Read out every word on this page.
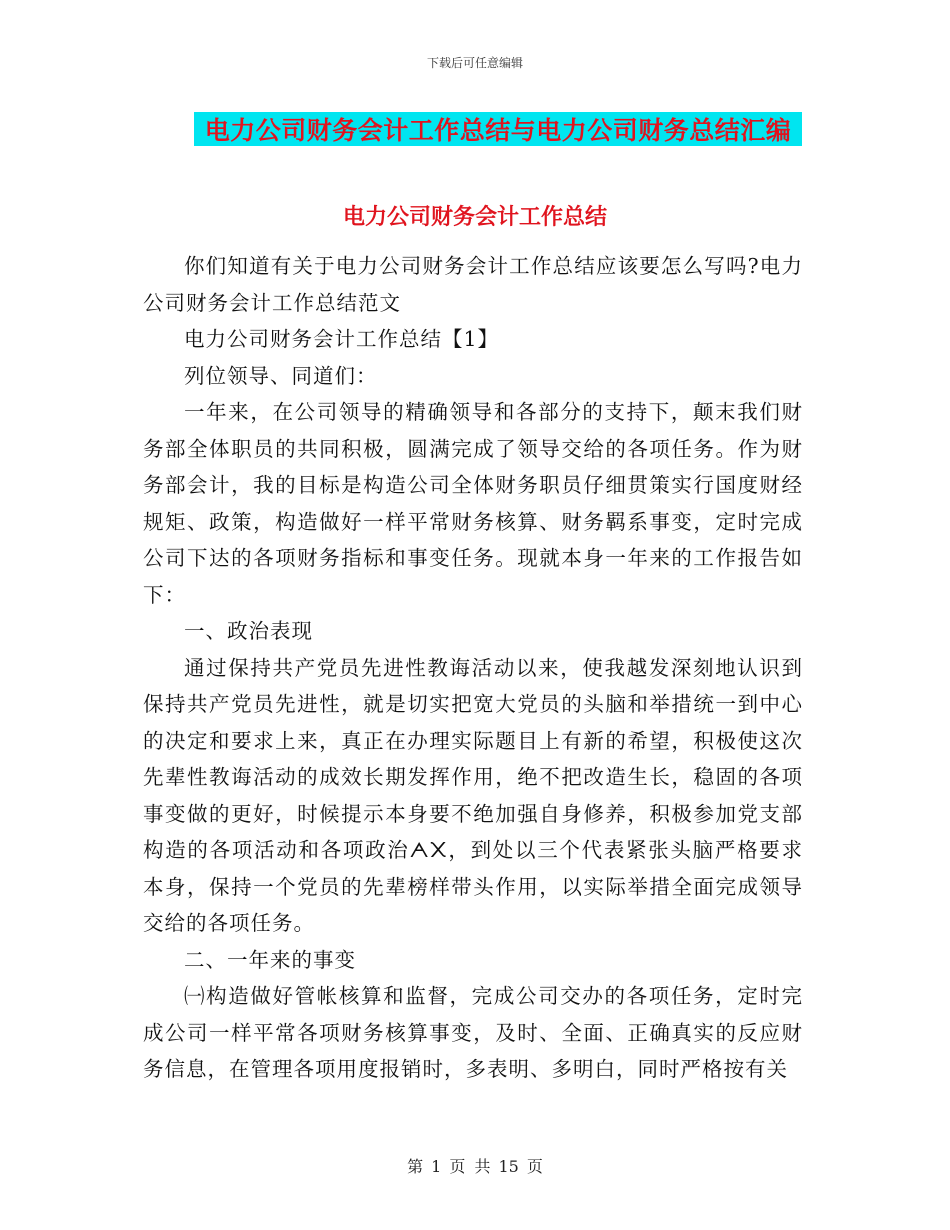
下载后可任意编辑
电力公司财务会计工作总结与电力公司财务总结汇编
电力公司财务会计工作总结

你们知道有关于电力公司财务会计工作总结应该要怎么写吗?电力公司财务会计工作总结范文

电力公司财务会计工作总结【1】

列位领导、同道们：

一年来，在公司领导的精确领导和各部分的支持下，颠末我们财务部全体职员的共同积极，圆满完成了领导交给的各项任务。作为财务部会计，我的目标是构造公司全体财务职员仔细贯策实行国度财经规矩、政策，构造做好一样平常财务核算、财务羁系事变，定时完成公司下达的各项财务指标和事变任务。现就本身一年来的工作报告如下：

一、政治表现

通过保持共产党员先进性教诲活动以来，使我越发深刻地认识到保持共产党员先进性，就是切实把宽大党员的头脑和举措统一到中心的决定和要求上来，真正在办理实际题目上有新的希望，积极使这次先辈性教诲活动的成效长期发挥作用，绝不把改造生长，稳固的各项事变做的更好，时候提示本身要不绝加强自身修养，积极参加党支部构造的各项活动和各项政治ᗅ᙭，到处以三个代表紧张头脑严格要求本身，保持一个党员的先辈榜样带头作用，以实际举措全面完成领导交给的各项任务。

二、一年来的事变

㈠构造做好管帐核算和监督，完成公司交办的各项任务，定时完成公司一样平常各项财务核算事变，及时、全面、正确真实的反应财务信息，在管理各项用度报销时，多表明、多明白，同时严格按有关

第 1 页 共 15 页
